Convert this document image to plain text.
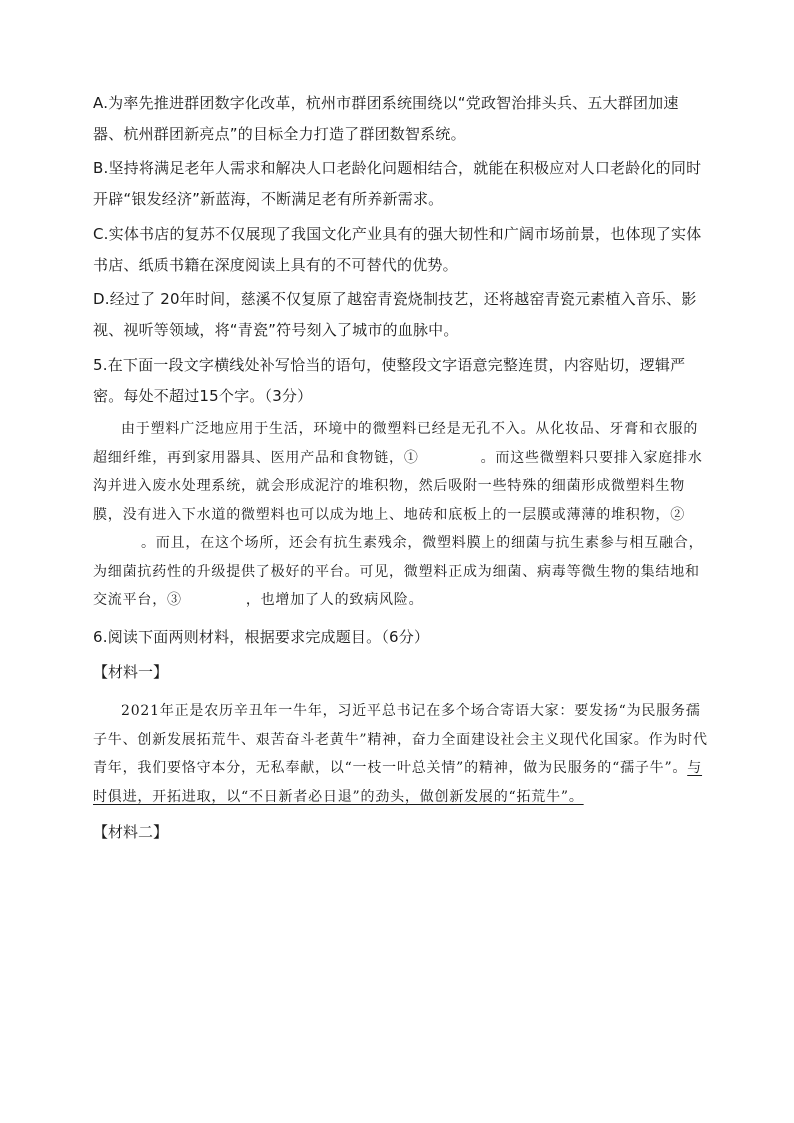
A.为率先推进群团数字化改革，杭州市群团系统围绕以“党政智治排头兵、五大群团加速器、杭州群团新亮点”的目标全力打造了群团数智系统。

B.坚持将满足老年人需求和解决人口老龄化问题相结合，就能在积极应对人口老龄化的同时开辟“银发经济”新蓝海，不断满足老有所养新需求。

C.实体书店的复苏不仅展现了我国文化产业具有的强大韧性和广阔市场前景，也体现了实体书店、纸质书籍在深度阅读上具有的不可替代的优势。

D.经过了 20年时间，慈溪不仅复原了越窑青瓷烧制技艺，还将越窑青瓷元素植入音乐、影视、视听等领域，将“青瓷”符号刻入了城市的血脉中。

5.在下面一段文字横线处补写恰当的语句，使整段文字语意完整连贯，内容贴切，逻辑严密。每处不超过15个字。（3分）

由于塑料广泛地应用于生活，环境中的微塑料已经是无孔不入。从化妆品、牙膏和衣服的超细纤维，再到家用器具、医用产品和食物链，①	。而这些微塑料只要排入家庭排水沟并进入废水处理系统，就会形成泥泞的堆积物，然后吸附一些特殊的细菌形成微塑料生物膜，没有进入下水道的微塑料也可以成为地上、地砖和底板上的一层膜或薄薄的堆积物，②。而且，在这个场所，还会有抗生素残余，微塑料膜上的细菌与抗生素参与相互融合，为细菌抗药性的升级提供了极好的平台。可见，微塑料正成为细菌、病毒等微生物的集结地和交流平台，③	，也增加了人的致病风险。

6.阅读下面两则材料，根据要求完成题目。（6分）

【材料一】

2021年正是农历辛丑年一牛年，习近平总书记在多个场合寄语大家：要发扬“为民服务孺子牛、创新发展拓荒牛、艰苦奋斗老黄牛”精神，奋力全面建设社会主义现代化国家。作为时代青年，我们要恪守本分，无私奉献，以“一枝一叶总关情”的精神，做为民服务的“孺子牛”。与时俱进，开拓进取，以“不日新者必日退”的劲头，做创新发展的“拓荒牛”。

【材料二】
